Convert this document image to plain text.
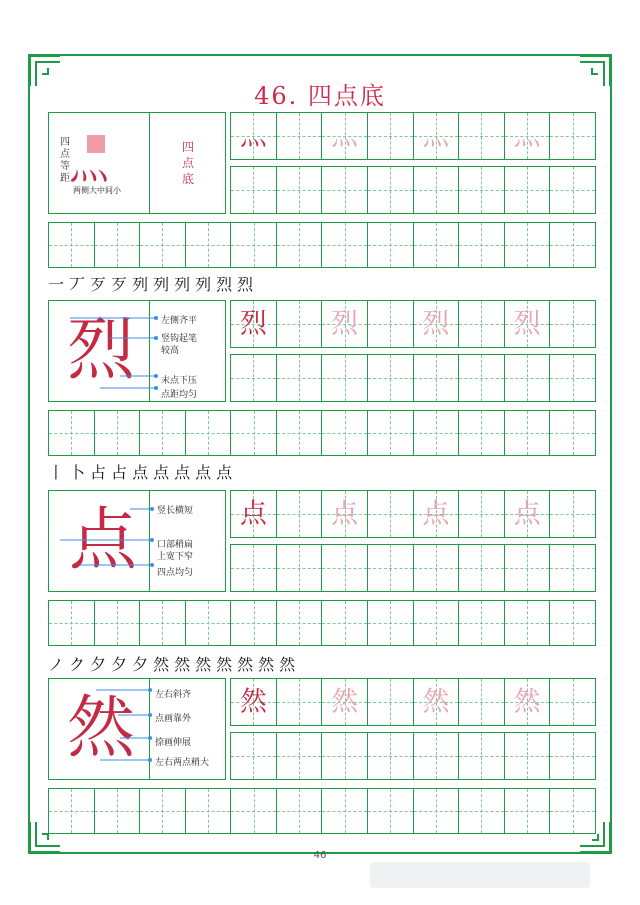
46. 四点底
四点等距 灬
两侧大中间小
四点底
灬	灬	灬	灬
烈	烈	烈	烈
点	点	点	点
然	然	然	然
一 丆 歹 歹 列 列 列 列 烈 烈
丨 卜 占 占 点 点 点 点 点
ノ ク 夕 夕 夕 然 然 然 然 然 然 然
烈	左侧齐平
竖钩起笔
较高
末点下压
点距均匀
点 竖长横短
口部稍扁
上宽下窄
四点均匀
然 左右斜齐
点画靠外
捺画伸展
左右两点稍大
46
